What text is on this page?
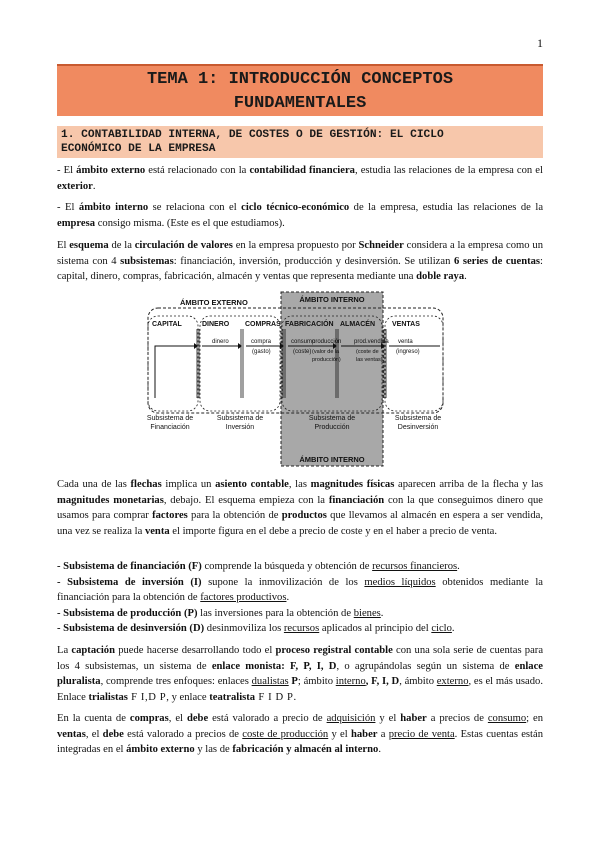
1
TEMA 1: INTRODUCCIÓN CONCEPTOS
FUNDAMENTALES
1. CONTABILIDAD INTERNA, DE COSTES O DE GESTIÓN: EL CICLO
ECONÓMICO DE LA EMPRESA

- El ámbito externo está relacionado con la contabilidad financiera, estudia las relaciones de la empresa con el exterior.

- El ámbito interno se relaciona con el ciclo técnico-económico de la empresa, estudia las relaciones de la empresa consigo misma. (Este es el que estudiamos).

El esquema de la circulación de valores en la empresa propuesto por Schneider considera a la empresa como un sistema con 4 subsistemas: financiación, inversión, producción y desinversión. Se utilizan 6 series de cuentas: capital, dinero, compras, fabricación, almacén y ventas que representa mediante una doble raya.

ÁMBITO EXTERNO	ÁMBITO INTERNO
ÁMBITO INTERNO
CAPITAL	DINERO COMPRAS FABRICACIÓN ALMACÉN VENTAS
dinero	compra
(gasto)
consumo
(coste)
producción
(valor de la
producción)
prod.vendida
(coste de
las ventas)
venta
(ingreso)
Subsistema de
Financiación
Subsistema de
Inversión
Subsistema de
Producción
Subsistema de
Desinversión

Cada una de las flechas implica un asiento contable, las magnitudes físicas aparecen arriba de la flecha y las magnitudes monetarias, debajo. El esquema empieza con la financiación con la que conseguimos dinero que usamos para comprar factores para la obtención de productos que llevamos al almacén en espera a ser vendida, una vez se realiza la venta el importe figura en el debe a precio de coste y en el haber a precio de venta.

- Subsistema de financiación (F) comprende la búsqueda y obtención de recursos financieros.
- Subsistema de inversión (I) supone la inmovilización de los medios líquidos obtenidos mediante la financiación para la obtención de factores productivos.
- Subsistema de producción (P) las inversiones para la obtención de bienes.
- Subsistema de desinversión (D) desinmoviliza los recursos aplicados al principio del ciclo.

La captación puede hacerse desarrollando todo el proceso registral contable con una sola serie de cuentas para los 4 subsistemas, un sistema de enlace monista: F, P, I, D, o agrupándolas según un sistema de enlace pluralista, comprende tres enfoques: enlaces dualistas P; ámbito interno, F, I, D, ámbito externo, es el más usado. Enlace trialistas F I,D P, y enlace teatralista F I D P.

En la cuenta de compras, el debe está valorado a precio de adquisición y el haber a precios de consumo; en ventas, el debe está valorado a precios de coste de producción y el haber a precio de venta. Estas cuentas están integradas en el ámbito externo y las de fabricación y almacén al interno.
